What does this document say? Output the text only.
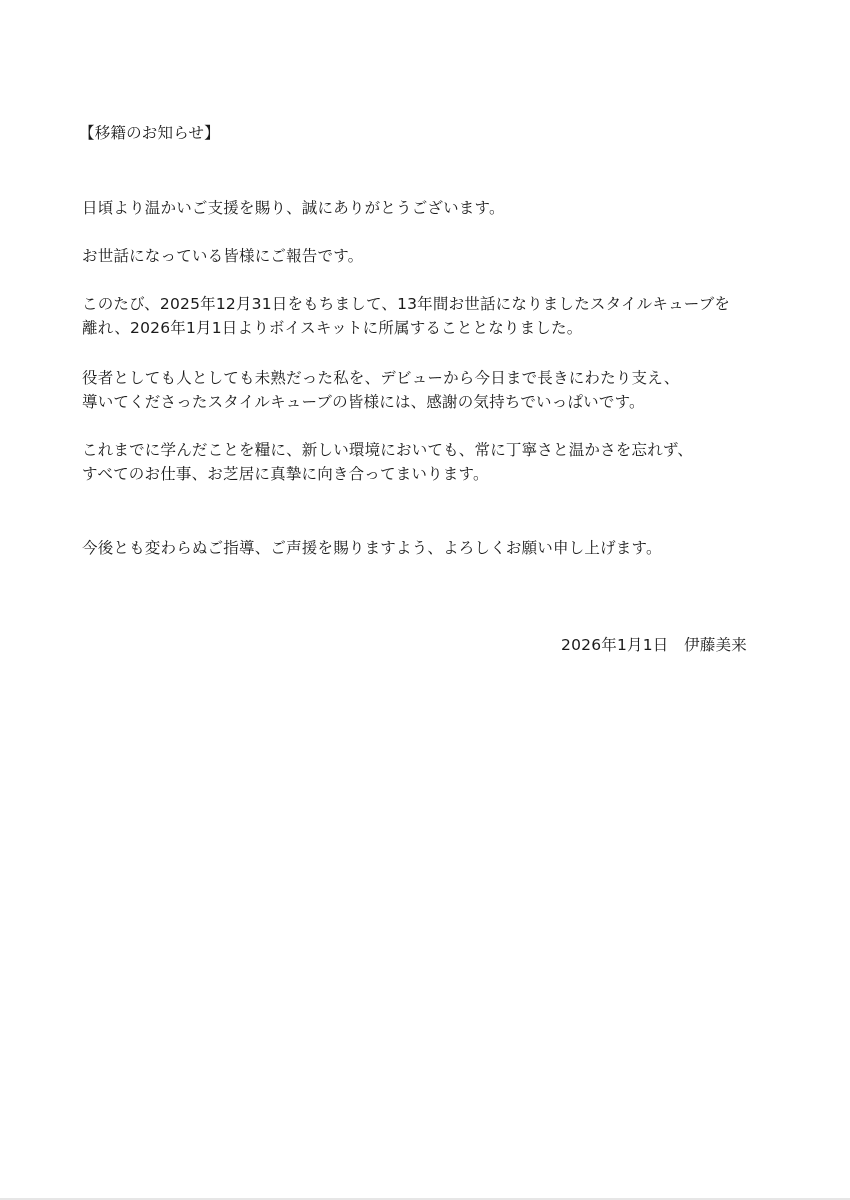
【移籍のお知らせ】
日頃より温かいご支援を賜り、誠にありがとうございます。
お世話になっている皆様にご報告です。
このたび、2025年12月31日をもちまして、13年間お世話になりましたスタイルキューブを
離れ、2026年1月1日よりボイスキットに所属することとなりました。
役者としても人としても未熟だった私を、デビューから今日まで長きにわたり支え、
導いてくださったスタイルキューブの皆様には、感謝の気持ちでいっぱいです。
これまでに学んだことを糧に、新しい環境においても、常に丁寧さと温かさを忘れず、
すべてのお仕事、お芝居に真摯に向き合ってまいります。
今後とも変わらぬご指導、ご声援を賜りますよう、よろしくお願い申し上げます。
2026年1月1日　伊藤美来
